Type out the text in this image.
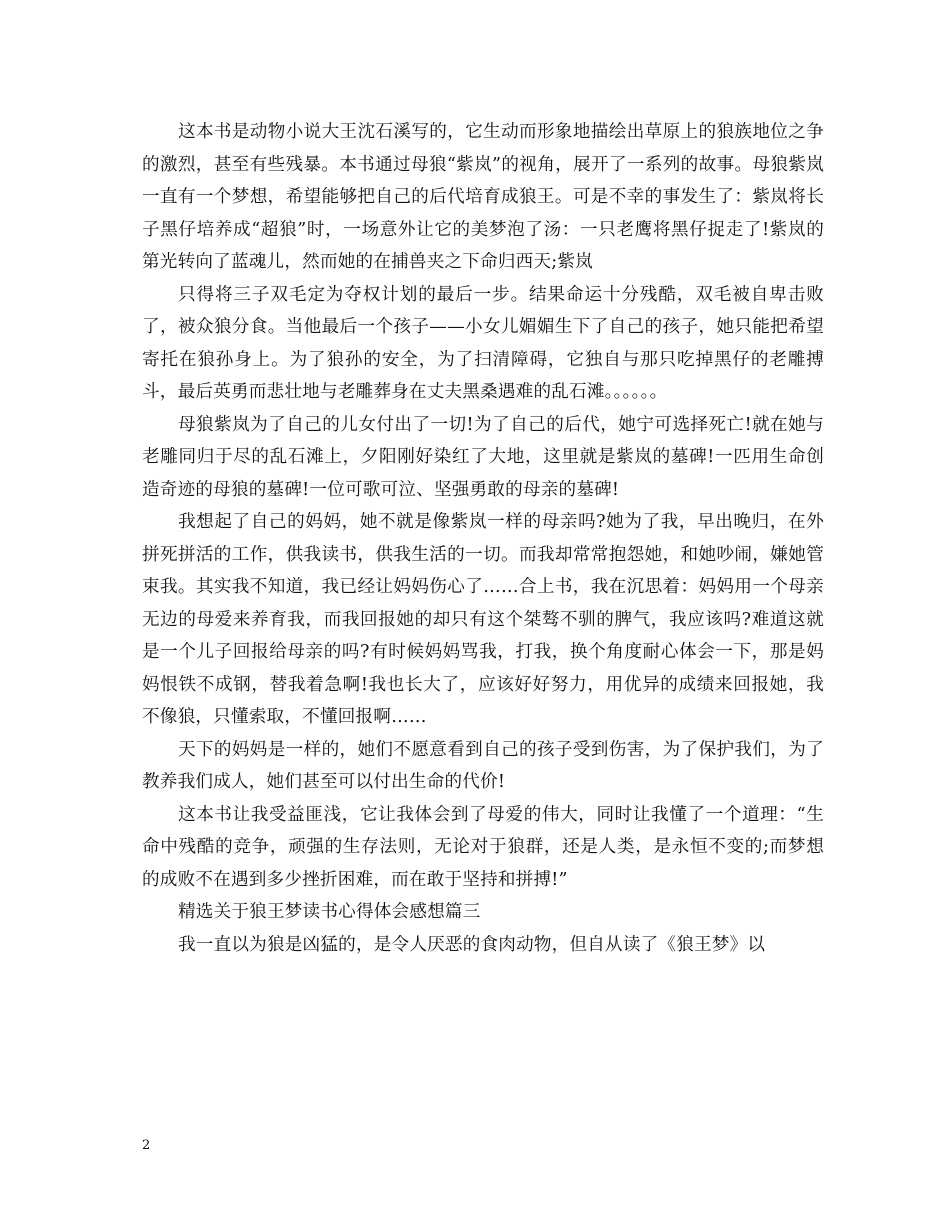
这本书是动物小说大王沈石溪写的，它生动而形象地描绘出草原上的狼族地位之争的激烈，甚至有些残暴。本书通过母狼“紫岚”的视角，展开了一系列的故事。母狼紫岚一直有一个梦想，希望能够把自己的后代培育成狼王。可是不幸的事发生了：紫岚将长子黑仔培养成“超狼”时，一场意外让它的美梦泡了汤：一只老鹰将黑仔捉走了!紫岚的第光转向了蓝魂儿，然而她的在捕兽夹之下命归西天;紫岚

只得将三子双毛定为夺权计划的最后一步。结果命运十分残酷，双毛被自卑击败了，被众狼分食。当他最后一个孩子——小女儿媚媚生下了自己的孩子，她只能把希望寄托在狼孙身上。为了狼孙的安全，为了扫清障碍，它独自与那只吃掉黑仔的老雕搏斗，最后英勇而悲壮地与老雕葬身在丈夫黑桑遇难的乱石滩。。。。。。

母狼紫岚为了自己的儿女付出了一切!为了自己的后代，她宁可选择死亡!就在她与老雕同归于尽的乱石滩上，夕阳刚好染红了大地，这里就是紫岚的墓碑!一匹用生命创造奇迹的母狼的墓碑!一位可歌可泣、坚强勇敢的母亲的墓碑!

我想起了自己的妈妈，她不就是像紫岚一样的母亲吗?她为了我，早出晚归，在外拼死拼活的工作，供我读书，供我生活的一切。而我却常常抱怨她，和她吵闹，嫌她管束我。其实我不知道，我已经让妈妈伤心了……合上书，我在沉思着：妈妈用一个母亲无边的母爱来养育我，而我回报她的却只有这个桀骜不驯的脾气，我应该吗?难道这就是一个儿子回报给母亲的吗?有时候妈妈骂我，打我，换个角度耐心体会一下，那是妈妈恨铁不成钢，替我着急啊!我也长大了，应该好好努力，用优异的成绩来回报她，我不像狼，只懂索取，不懂回报啊……

天下的妈妈是一样的，她们不愿意看到自己的孩子受到伤害，为了保护我们，为了教养我们成人，她们甚至可以付出生命的代价!

这本书让我受益匪浅，它让我体会到了母爱的伟大，同时让我懂了一个道理：“生命中残酷的竞争，顽强的生存法则，无论对于狼群，还是人类，是永恒不变的;而梦想的成败不在遇到多少挫折困难，而在敢于坚持和拼搏!”

精选关于狼王梦读书心得体会感想篇三

我一直以为狼是凶猛的，是令人厌恶的食肉动物，但自从读了《狼王梦》以

2
